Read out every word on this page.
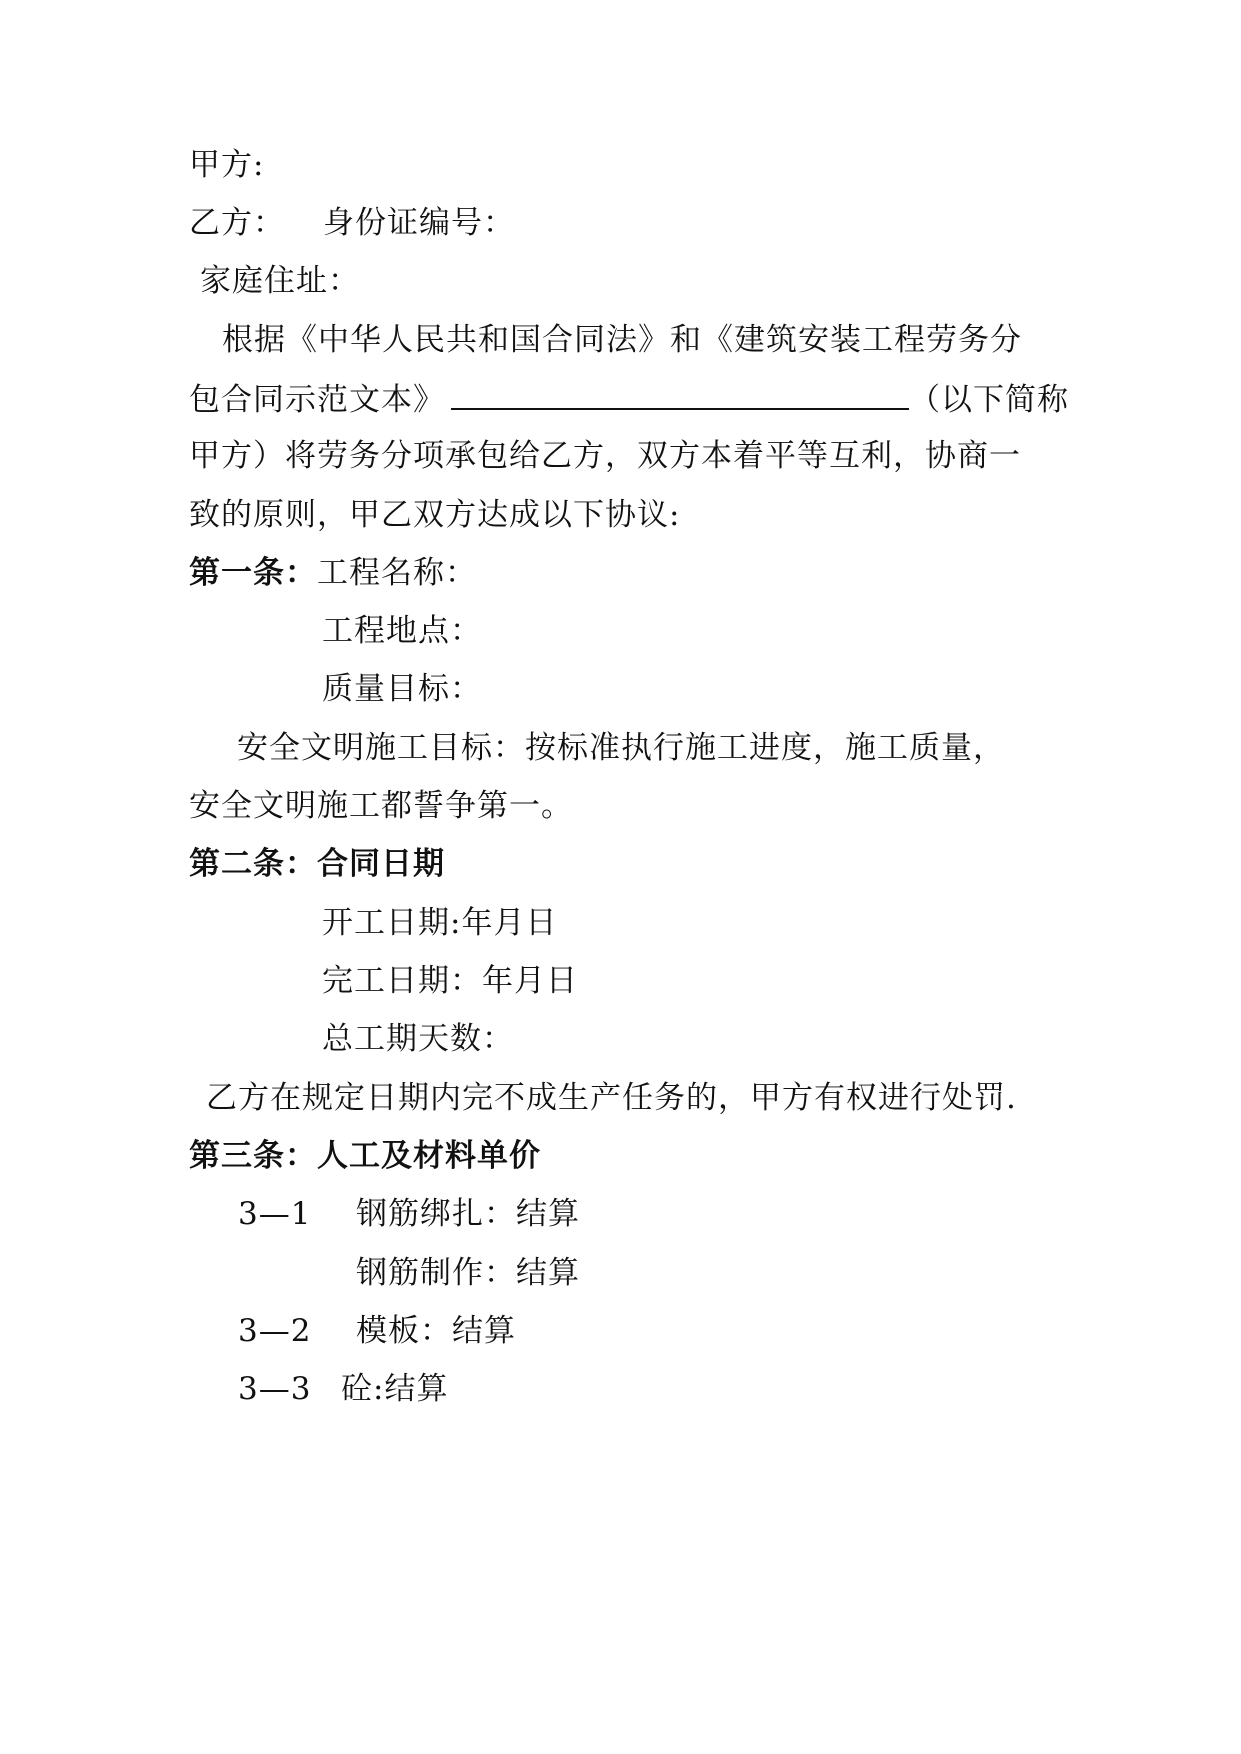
甲方:
乙方： 身份证编号：
家庭住址：
根据《中华人民共和国合同法》和《建筑安装工程劳务分
包合同示范文本》	（以下简称
甲方）将劳务分项承包给乙方，双方本着平等互利，协商一
致的原则，甲乙双方达成以下协议:
第一条：工程名称：
工程地点：
质量目标：
安全文明施工目标：按标准执行施工进度，施工质量，
安全文明施工都誓争第一。
第二条：合同日期
开工日期:年月日
完工日期：年月日
总工期天数：
乙方在规定日期内完不成生产任务的，甲方有权进行处罚.
第三条：人工及材料单价
3—1 钢筋绑扎：结算
钢筋制作：结算
3—2 模板：结算
3—3 砼:结算
